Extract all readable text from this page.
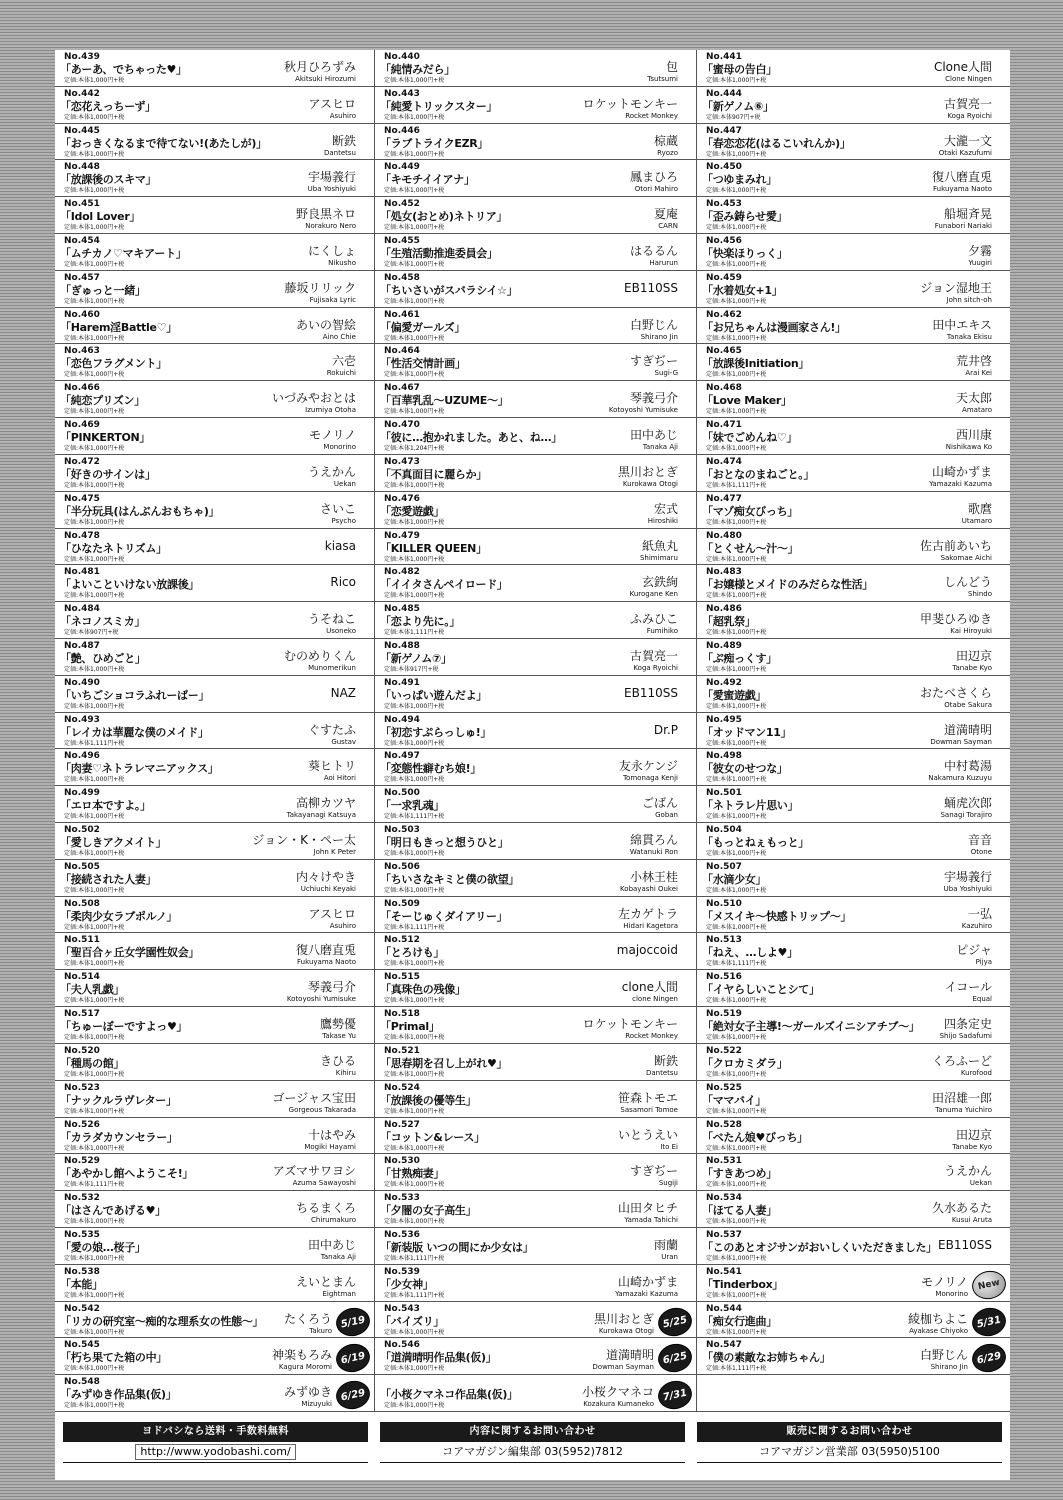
No.439
「あーあ、でちゃった♥」
定価:本体1,000円+税
秋月ひろずみ
Akitsuki Hirozumi
No.440
「純情みだら」
定価:本体1,000円+税
包
Tsutsumi
No.441
「蜜母の告白」
定価:本体1,000円+税
Clone人間
Clone Ningen
No.442
「恋花えっちーず」
定価:本体1,000円+税
アスヒロ
Asuhiro
No.443
「純愛トリックスター」
定価:本体1,000円+税
ロケットモンキー
Rocket Monkey
No.444
「新ゲノム⑥」
定価:本体907円+税
古賀亮一
Koga Ryoichi
No.445
「おっきくなるまで待てない!(あたしが)」
定価:本体1,000円+税
断鉄
Dantetsu
No.446
「ラブトライクEZR」
定価:本体1,000円+税
椋蔵
Ryozo
No.447
「春恋恋花(はるこいれんか)」
定価:本体1,000円+税
大瀧一文
Otaki Kazufumi
No.448
「放課後のスキマ」
定価:本体1,000円+税
宇場義行
Uba Yoshiyuki
No.449
「キモチイイアナ」
定価:本体1,000円+税
鳳まひろ
Otori Mahiro
No.450
「つゆまみれ」
定価:本体1,000円+税
復八磨直兎
Fukuyama Naoto
No.451
「Idol Lover」
定価:本体1,000円+税
野良黒ネロ
Norakuro Nero
No.452
「処女(おとめ)ネトリア」
定価:本体1,000円+税
夏庵
CARN
No.453
「歪み鋳らせ愛」
定価:本体1,000円+税
船堀斉晃
Funabori Nariaki
No.454
「ムチカノ♡マキアート」
定価:本体1,000円+税
にくしょ
Nikusho
No.455
「生殖活動推進委員会」
定価:本体1,000円+税
はるるん
Harurun
No.456
「快楽ほりっく」
定価:本体1,000円+税
夕霧
Yuugiri
No.457
「ぎゅっと一緒」
定価:本体1,000円+税
藤坂リリック
Fujisaka Lyric
No.458
「ちいさいがスバラシイ☆」
定価:本体1,000円+税
EB110SS
No.459
「水着処女+1」
定価:本体1,000円+税
ジョン湿地王
John sitch-oh
No.460
「Harem淫Battle♡」
定価:本体1,000円+税
あいの智絵
Aino Chie
No.461
「偏愛ガールズ」
定価:本体1,000円+税
白野じん
Shirano Jin
No.462
「お兄ちゃんは漫画家さん!」
定価:本体1,000円+税
田中エキス
Tanaka Ekisu
No.463
「恋色フラグメント」
定価:本体1,000円+税
六壱
Rokuichi
No.464
「性活交情計画」
定価:本体1,000円+税
すぎぢー
Sugi-G
No.465
「放課後Initiation」
定価:本体1,000円+税
荒井啓
Arai Kei
No.466
「純恋プリズン」
定価:本体1,000円+税
いづみやおとは
Izumiya Otoha
No.467
「百華乳乱～UZUME～」
定価:本体1,000円+税
琴義弓介
Kotoyoshi Yumisuke
No.468
「Love Maker」
定価:本体1,000円+税
天太郎
Amataro
No.469
「PINKERTON」
定価:本体1,000円+税
モノリノ
Monorino
No.470
「彼に…抱かれました。あと、ね…」
定価:本体1,204円+税
田中あじ
Tanaka Aji
No.471
「妹でごめんね♡」
定価:本体1,000円+税
西川康
Nishikawa Ko
No.472
「好きのサインは」
定価:本体1,000円+税
うえかん
Uekan
No.473
「不真面目に麗らか」
定価:本体1,000円+税
黒川おとぎ
Kurokawa Otogi
No.474
「おとなのまねごと。」
定価:本体1,111円+税
山崎かずま
Yamazaki Kazuma
No.475
「半分玩具(はんぶんおもちゃ)」
定価:本体1,000円+税
さいこ
Psycho
No.476
「恋愛遊戯」
定価:本体1,000円+税
宏式
Hiroshiki
No.477
「マゾ痴女びっち」
定価:本体1,000円+税
歌麿
Utamaro
No.478
「ひなたネトリズム」
定価:本体1,000円+税
kiasa
No.479
「KILLER QUEEN」
定価:本体1,000円+税
紙魚丸
Shimimaru
No.480
「とくせん～汁～」
定価:本体1,000円+税
佐古前あいち
Sakomae Aichi
No.481
「よいこといけない放課後」
定価:本体1,000円+税
Rico
No.482
「イイタさんペイロード」
定価:本体1,000円+税
玄鉄絢
Kurogane Ken
No.483
「お嬢様とメイドのみだらな性活」
定価:本体1,000円+税
しんどう
Shindo
No.484
「ネコノスミカ」
定価:本体907円+税
うそねこ
Usoneko
No.485
「恋より先に。」
定価:本体1,111円+税
ふみひこ
Fumihiko
No.486
「超乳祭」
定価:本体1,000円+税
甲斐ひろゆき
Kai Hiroyuki
No.487
「艶、ひめごと」
定価:本体1,000円+税
むのめりくん
Munomerikun
No.488
「新ゲノム⑦」
定価:本体917円+税
古賀亮一
Koga Ryoichi
No.489
「ぷ痴っくす」
定価:本体1,000円+税
田辺京
Tanabe Kyo
No.490
「いちごショコラふれーばー」
定価:本体1,000円+税
NAZ
No.491
「いっぱい遊んだよ」
定価:本体1,000円+税
EB110SS
No.492
「愛蜜遊戯」
定価:本体1,000円+税
おたべさくら
Otabe Sakura
No.493
「レイカは華麗な僕のメイド」
定価:本体1,111円+税
ぐすたふ
Gustav
No.494
「初恋すぷらっしゅ!」
定価:本体1,000円+税
Dr.P
No.495
「オッドマン11」
定価:本体1,000円+税
道満晴明
Dowman Sayman
No.496
「肉妻♡ネトラレマニアックス」
定価:本体1,000円+税
葵ヒトリ
Aoi Hitori
No.497
「変態性癖むち娘!」
定価:本体1,000円+税
友永ケンジ
Tomonaga Kenji
No.498
「彼女のせつな」
定価:本体1,000円+税
中村葛湯
Nakamura Kuzuyu
No.499
「エロ本ですよ。」
定価:本体1,000円+税
高柳カツヤ
Takayanagi Katsuya
No.500
「一求乳魂」
定価:本体1,111円+税
ごばん
Goban
No.501
「ネトラレ片思い」
定価:本体1,000円+税
蛹虎次郎
Sanagi Torajiro
No.502
「愛しきアクメイト」
定価:本体1,000円+税
ジョン・K・ペー太
John K Peter
No.503
「明日もきっと想うひと」
定価:本体1,000円+税
綿貫ろん
Watanuki Ron
No.504
「もっとねぇもっと」
定価:本体1,000円+税
音音
Otone
No.505
「接続された人妻」
定価:本体1,000円+税
内々けやき
Uchiuchi Keyaki
No.506
「ちいさなキミと僕の欲望」
定価:本体1,000円+税
小林王桂
Kobayashi Oukei
No.507
「水滴少女」
定価:本体1,000円+税
宇場義行
Uba Yoshiyuki
No.508
「柔肉少女ラブポルノ」
定価:本体1,000円+税
アスヒロ
Asuhiro
No.509
「そーじゅくダイアリー」
定価:本体1,111円+税
左カゲトラ
Hidari Kagetora
No.510
「メスイキ～快感トリップ～」
定価:本体1,000円+税
一弘
Kazuhiro
No.511
「聖百合ヶ丘女学園性奴会」
定価:本体1,000円+税
復八磨直兎
Fukuyama Naoto
No.512
「とろけも」
定価:本体1,000円+税
majoccoid
No.513
「ねえ、…しよ♥」
定価:本体1,111円+税
ピジャ
Pijya
No.514
「夫人乳戯」
定価:本体1,000円+税
琴義弓介
Kotoyoshi Yumisuke
No.515
「真珠色の残像」
定価:本体1,000円+税
clone人間
clone Ningen
No.516
「イヤらしいことシて」
定価:本体1,000円+税
イコール
Equal
No.517
「ちゅーぼーですよっ♥」
定価:本体1,000円+税
鷹勢優
Takase Yu
No.518
「Primal」
定価:本体1,000円+税
ロケットモンキー
Rocket Monkey
No.519
「絶対女子主導!～ガールズイニシアチブ～」
定価:本体1,000円+税
四条定史
Shijo Sadafumi
No.520
「種馬の館」
定価:本体1,000円+税
きひる
Kihiru
No.521
「思春期を召し上がれ♥」
定価:本体1,000円+税
断鉄
Dantetsu
No.522
「クロカミダラ」
定価:本体1,000円+税
くろふーど
Kurofood
No.523
「ナックルラヴレター」
定価:本体1,000円+税
ゴージャス宝田
Gorgeous Takarada
No.524
「放課後の優等生」
定価:本体1,000円+税
笹森トモエ
Sasamori Tomoe
No.525
「ママバイ」
定価:本体1,000円+税
田沼雄一郎
Tanuma Yuichiro
No.526
「カラダカウンセラー」
定価:本体1,000円+税
十はやみ
Mogiki Hayami
No.527
「コットン&レース」
定価:本体1,000円+税
いとうえい
Ito Ei
No.528
「べたん娘♥びっち」
定価:本体1,000円+税
田辺京
Tanabe Kyo
No.529
「あやかし館へようこそ!」
定価:本体1,111円+税
アズマサワヨシ
Azuma Sawayoshi
No.530
「甘熟痴妻」
定価:本体1,000円+税
すぎぢー
Sugiji
No.531
「すきあつめ」
定価:本体1,000円+税
うえかん
Uekan
No.532
「はさんであげる♥」
定価:本体1,000円+税
ちるまくろ
Chirumakuro
No.533
「夕闇の女子高生」
定価:本体1,000円+税
山田タヒチ
Yamada Tahichi
No.534
「ほてる人妻」
定価:本体1,000円+税
久水あるた
Kusui Aruta
No.535
「愛の娘…桜子」
定価:本体1,000円+税
田中あじ
Tanaka Aji
No.536
「新装版 いつの間にか少女は」
定価:本体1,111円+税
雨蘭
Uran
No.537
「このあとオジサンがおいしくいただきました」
定価:本体1,000円+税
EB110SS
No.538
「本能」
定価:本体1,000円+税
えいとまん
Eightman
No.539
「少女神」
定価:本体1,111円+税
山崎かずま
Yamazaki Kazuma
No.541
「Tinderbox」
定価:本体1,000円+税
モノリノ
Monorino
New
No.542
「リカの研究室～痴的な理系女の性態～」
定価:本体1,000円+税
たくろう
Takuro
5/19
No.543
「バイズリ」
定価:本体1,000円+税
黒川おとぎ
Kurokawa Otogi
5/25
No.544
「痴女行進曲」
定価:本体1,000円+税
綾枷ちよこ
Ayakase Chiyoko
5/31
No.545
「朽ち果てた箱の中」
定価:本体1,000円+税
神楽もろみ
Kagura Moromi
6/19
No.546
「道満晴明作品集(仮)」
定価:本体1,000円+税
道満晴明
Dowman Sayman
6/25
No.547
「僕の素敵なお姉ちゃん」
定価:本体1,111円+税
白野じん
Shirano Jin
6/29
No.548
「みずゆき作品集(仮)」
定価:本体1,000円+税
みずゆき
Mizuyuki
6/29	「小桜クマネコ作品集(仮)」
定価:本体1,000円+税
小桜クマネコ
Kozakura Kumaneko
7/31
ヨドバシなら送料・手数料無料
http://www.yodobashi.com/
内容に関するお問い合わせ
コアマガジン編集部 03(5952)7812
販売に関するお問い合わせ
コアマガジン営業部 03(5950)5100
